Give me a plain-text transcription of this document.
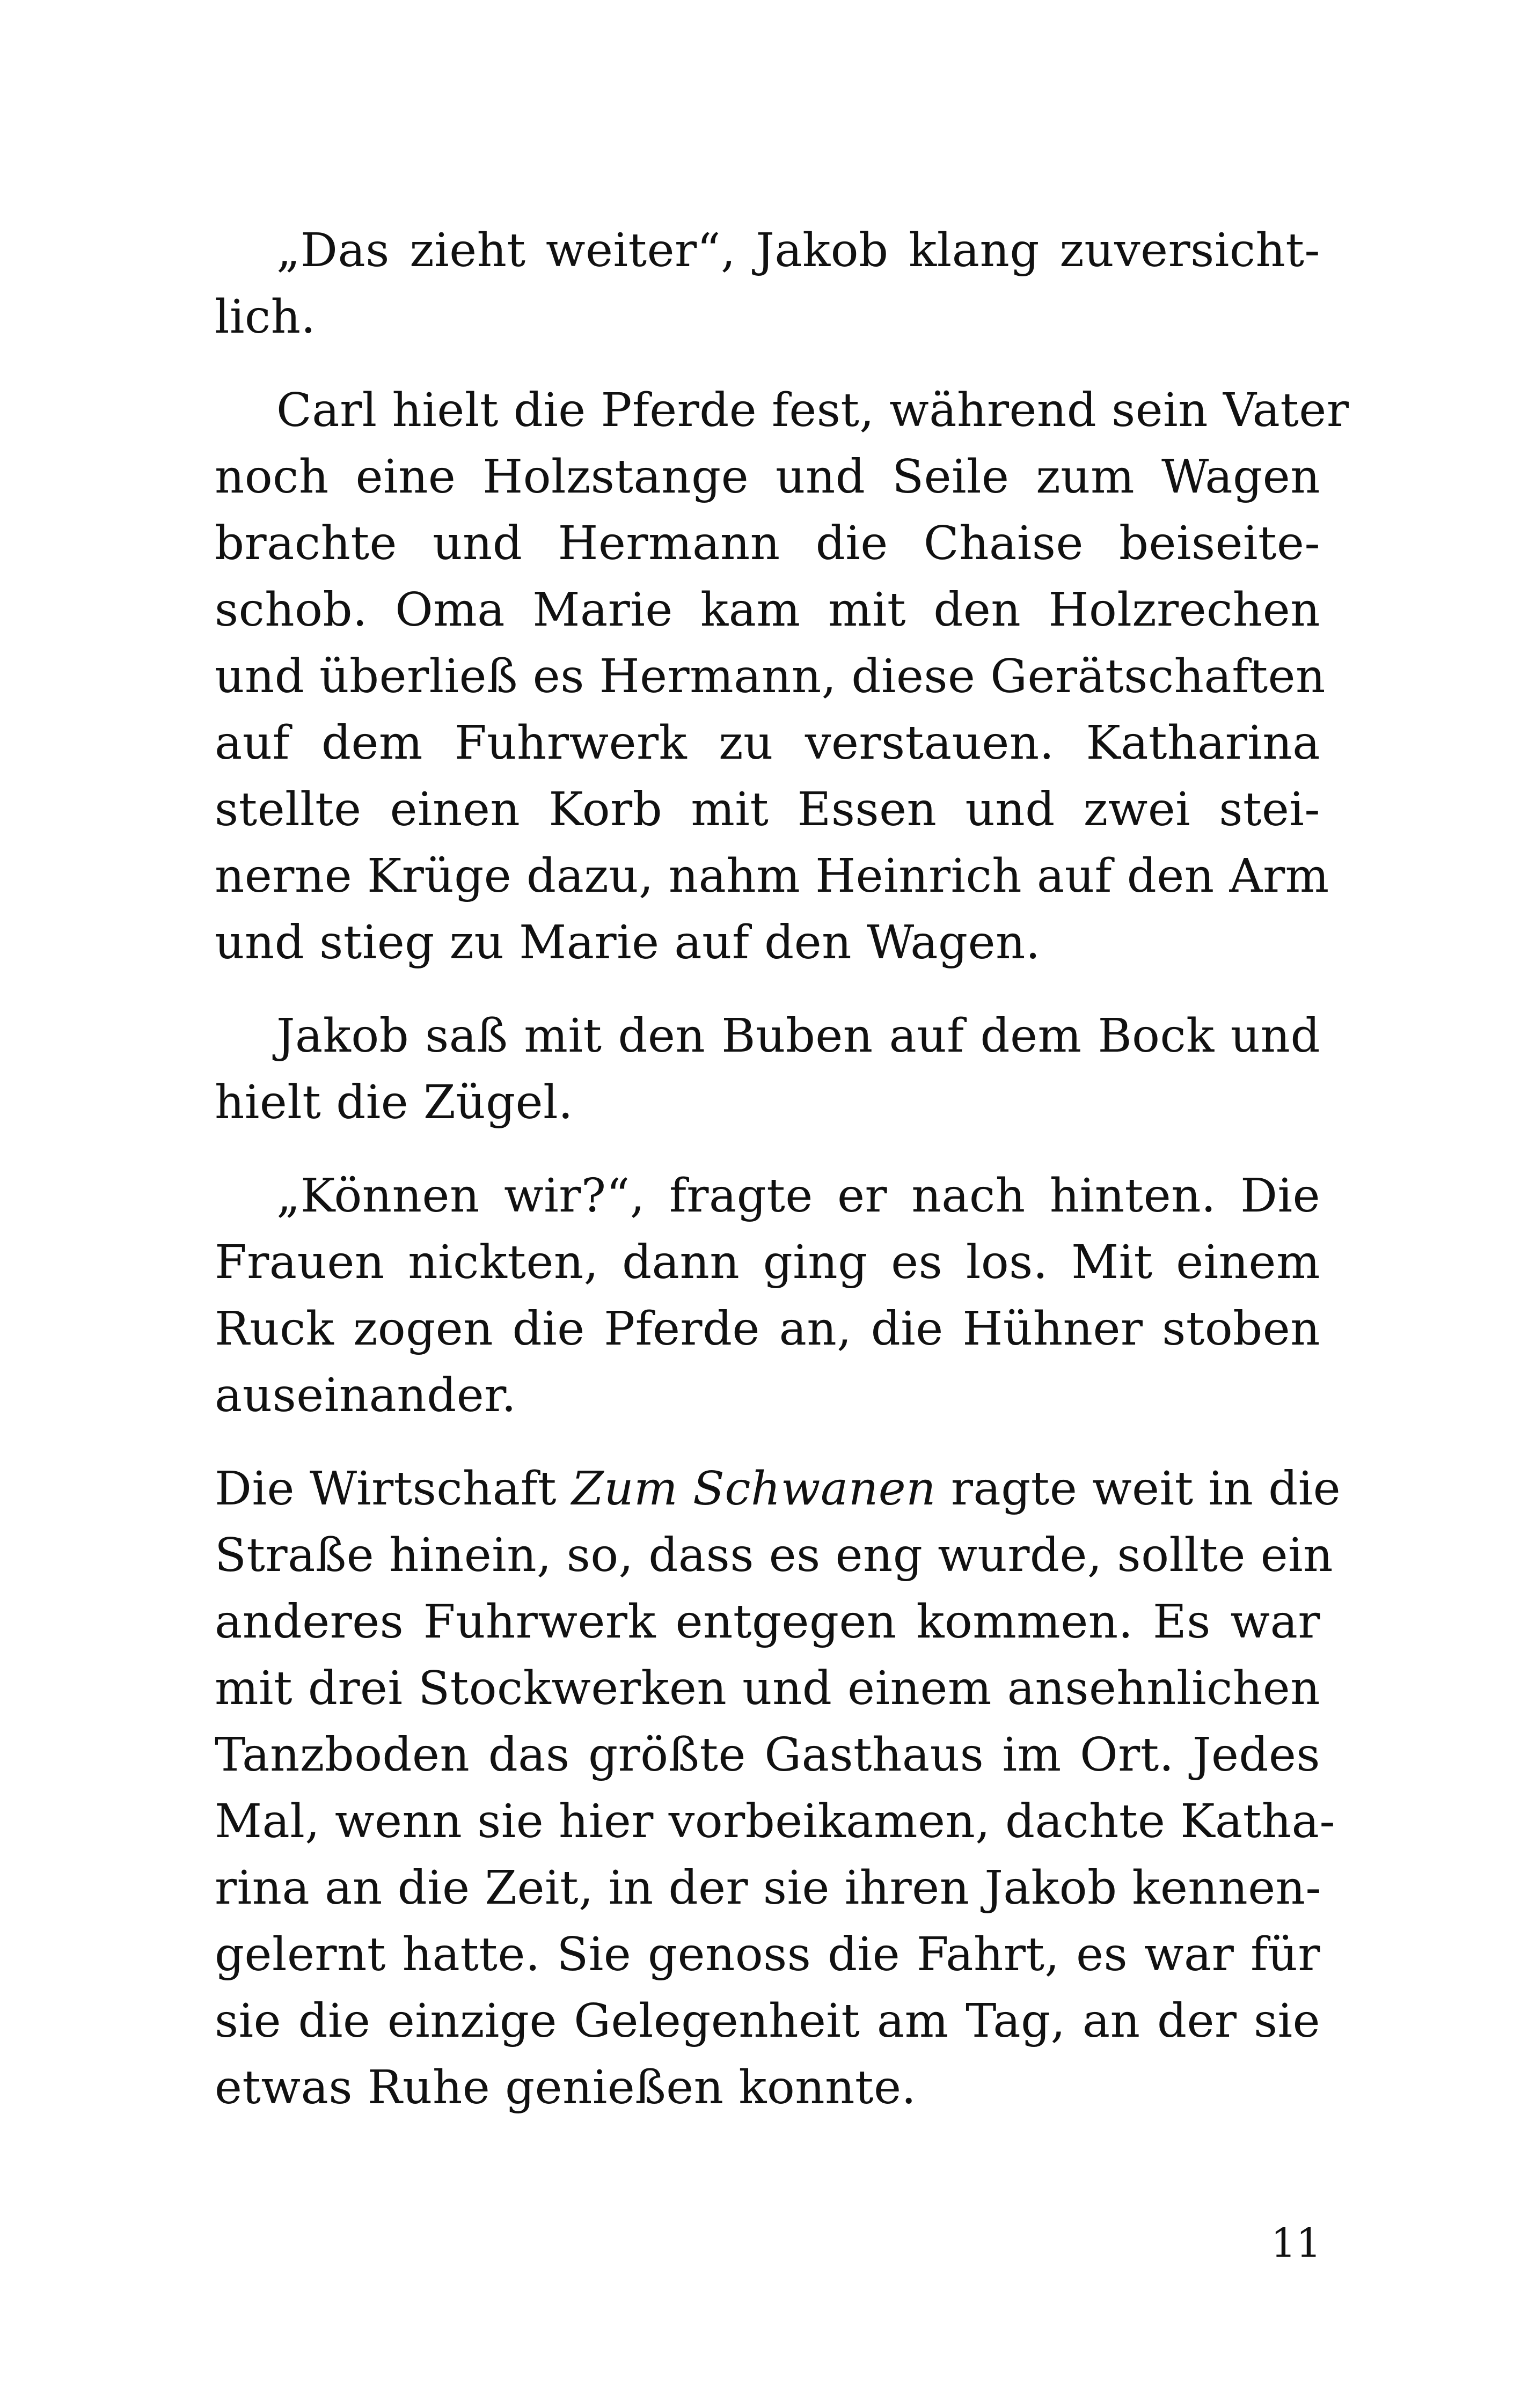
„Das zieht weiter“, Jakob klang zuversicht-
lich.
Carl hielt die Pferde fest, während sein Vater
noch eine Holzstange und Seile zum Wagen
brachte und Hermann die Chaise beiseite-
schob. Oma Marie kam mit den Holzrechen
und überließ es Hermann, diese Gerätschaften
auf dem Fuhrwerk zu verstauen. Katharina
stellte einen Korb mit Essen und zwei stei-
nerne Krüge dazu, nahm Heinrich auf den Arm
und stieg zu Marie auf den Wagen.
Jakob saß mit den Buben auf dem Bock und
hielt die Zügel.
„Können wir?“, fragte er nach hinten. Die
Frauen nickten, dann ging es los. Mit einem
Ruck zogen die Pferde an, die Hühner stoben
auseinander.
Die Wirtschaft Zum Schwanen ragte weit in die
Straße hinein, so, dass es eng wurde, sollte ein
anderes Fuhrwerk entgegen kommen. Es war
mit drei Stockwerken und einem ansehnlichen
Tanzboden das größte Gasthaus im Ort. Jedes
Mal, wenn sie hier vorbeikamen, dachte Katha-
rina an die Zeit, in der sie ihren Jakob kennen-
gelernt hatte. Sie genoss die Fahrt, es war für
sie die einzige Gelegenheit am Tag, an der sie
etwas Ruhe genießen konnte.
11
